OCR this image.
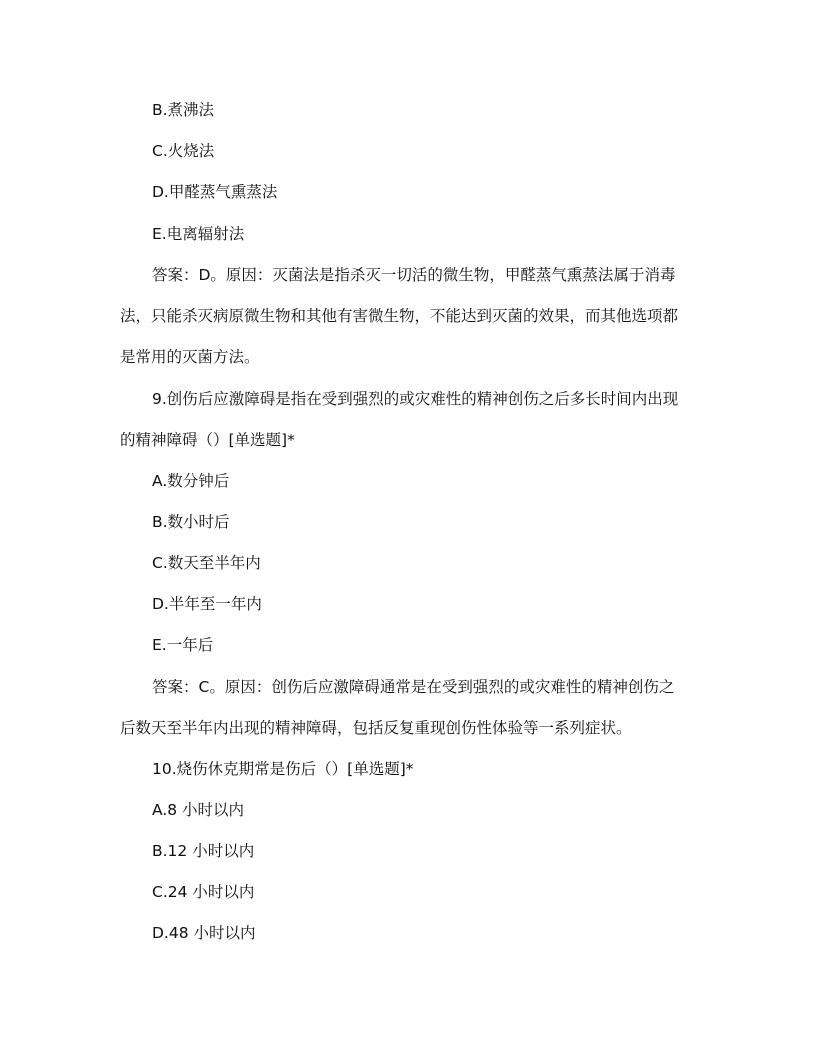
B.煮沸法
C.火烧法
D.甲醛蒸气熏蒸法
E.电离辐射法
答案：D。原因：灭菌法是指杀灭一切活的微生物，甲醛蒸气熏蒸法属于消毒
法，只能杀灭病原微生物和其他有害微生物，不能达到灭菌的效果，而其他选项都
是常用的灭菌方法。
9.创伤后应激障碍是指在受到强烈的或灾难性的精神创伤之后多长时间内出现
的精神障碍（）[单选题]*
A.数分钟后
B.数小时后
C.数天至半年内
D.半年至一年内
E.一年后
答案：C。原因：创伤后应激障碍通常是在受到强烈的或灾难性的精神创伤之
后数天至半年内出现的精神障碍，包括反复重现创伤性体验等一系列症状。
10.烧伤休克期常是伤后（）[单选题]*
A.8 小时以内
B.12 小时以内
C.24 小时以内
D.48 小时以内
